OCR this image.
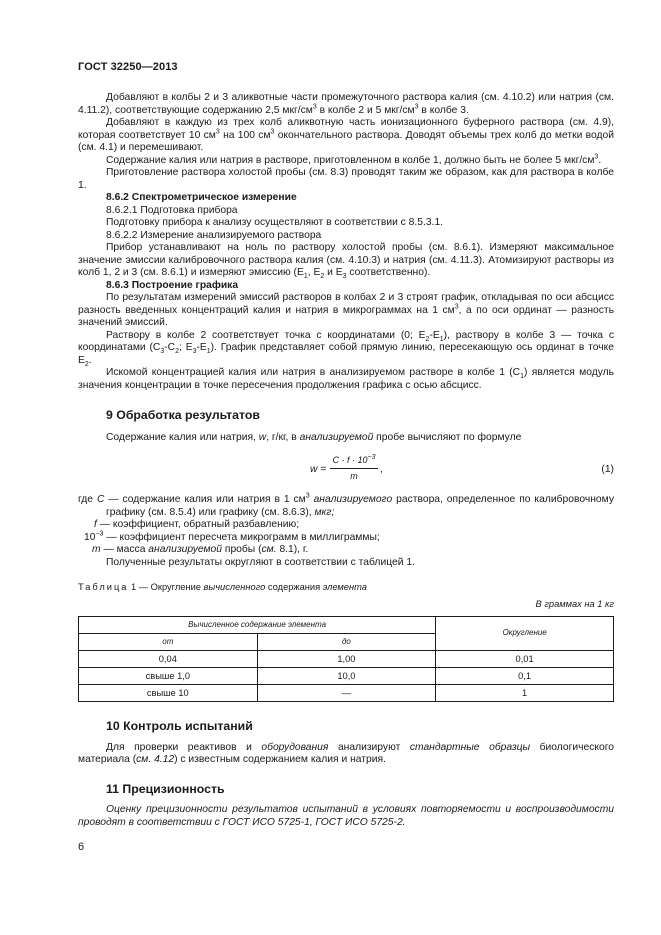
ГОСТ 32250—2013

Добавляют в колбы 2 и 3 аликвотные части промежуточного раствора калия (см. 4.10.2) или натрия (см. 4.11.2), соответствующие содержанию 2,5 мкг/$см^3$ в колбе 2 и 5 мкг/$см^3$ в колбе 3.

Добавляют в каждую из трех колб аликвотную часть ионизационного буферного раствора (см. 4.9), которая соответствует 10 $см^3$ на 100 $см^3$ окончательного раствора. Доводят объемы трех колб до метки водой (см. 4.1) и перемешивают.

Содержание калия или натрия в растворе, приготовленном в колбе 1, должно быть не более 5 мкг/$см^3$.

Приготовление раствора холостой пробы (см. 8.3) проводят таким же образом, как для раствора в колбе 1.

8.6.2 Спектрометрическое измерение

8.6.2.1 Подготовка прибора

Подготовку прибора к анализу осуществляют в соответствии с 8.5.3.1.

8.6.2.2 Измерение анализируемого раствора

Прибор устанавливают на ноль по раствору холостой пробы (см. 8.6.1). Измеряют максимальное значение эмиссии калибровочного раствора калия (см. 4.10.3) и натрия (см. 4.11.3). Атомизируют растворы из колб 1, 2 и 3 (см. 8.6.1) и измеряют эмиссию ($E_1$, $E_2$ и $E_3$ соответственно).

8.6.3 Построение графика

По результатам измерений эмиссий растворов в колбах 2 и 3 строят график, откладывая по оси абсцисс разность введенных концентраций калия и натрия в микрограммах на 1 $см^3$, а по оси ординат — разность значений эмиссий.

Раствору в колбе 2 соответствует точка с координатами (0; $E_2-E_1$), раствору в колбе 3 — точка с координатами ($C_3-C_2$; $E_3-E_1$). График представляет собой прямую линию, пересекающую ось ординат в точке $E_2$.

Искомой концентрацией калия или натрия в анализируемом растворе в колбе 1 $(C_1)$ является модуль значения концентрации в точке пересечения продолжения графика с осью абсцисс.

9 Обработка результатов

Содержание калия или натрия, w, г/кг, в анализируемой пробе вычисляют по формуле

$w = \frac{C \cdot f \cdot 10^{-3}}{m}$ ,	(1)

где C — содержание калия или натрия в 1 $см^3$ анализируемого раствора, определенное по калибровочному графику (см. 8.5.4) или графику (см. 8.6.3), мкг;

f — коэффициент, обратный разбавлению;

$10^{-3}$ — коэффициент пересчета микрограмм в миллиграммы;

m — масса анализируемой пробы (см. 8.1), г.

Полученные результаты округляют в соответствии с таблицей 1.

Таблица 1 — Округление вычисленного содержания элемента

В граммах на 1 кг

Вычисленное содержание элемента		Округление
от	до	
0,04	1,00	0,01
свыше 1,0	10,0	0,1
свыше 10	—	1

10 Контроль испытаний

Для проверки реактивов и оборудования анализируют стандартные образцы биологического материала (см. 4.12) с известным содержанием калия и натрия.

11 Прецизионность

Оценку прецизионности результатов испытаний в условиях повторяемости и воспроизводимости проводят в соответствии с ГОСТ ИСО 5725-1, ГОСТ ИСО 5725-2.

6
